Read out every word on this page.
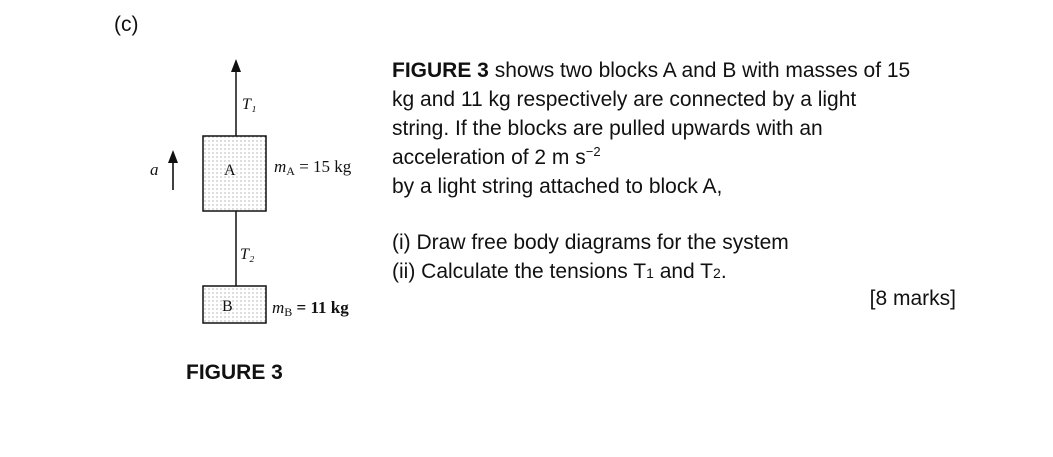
(c)
T₁
a	A mA = 15 kg
T₂
B mB = 11 kg
FIGURE 3

FIGURE 3 shows two blocks A and B with masses of 15 kg and 11 kg respectively are connected by a light string. If the blocks are pulled upwards with an acceleration of 2 m $s^{-2}$
by a light string attached to block A,

(i) Draw free body diagrams for the system
(ii) Calculate the tensions T1 and T2.
[8 marks]
